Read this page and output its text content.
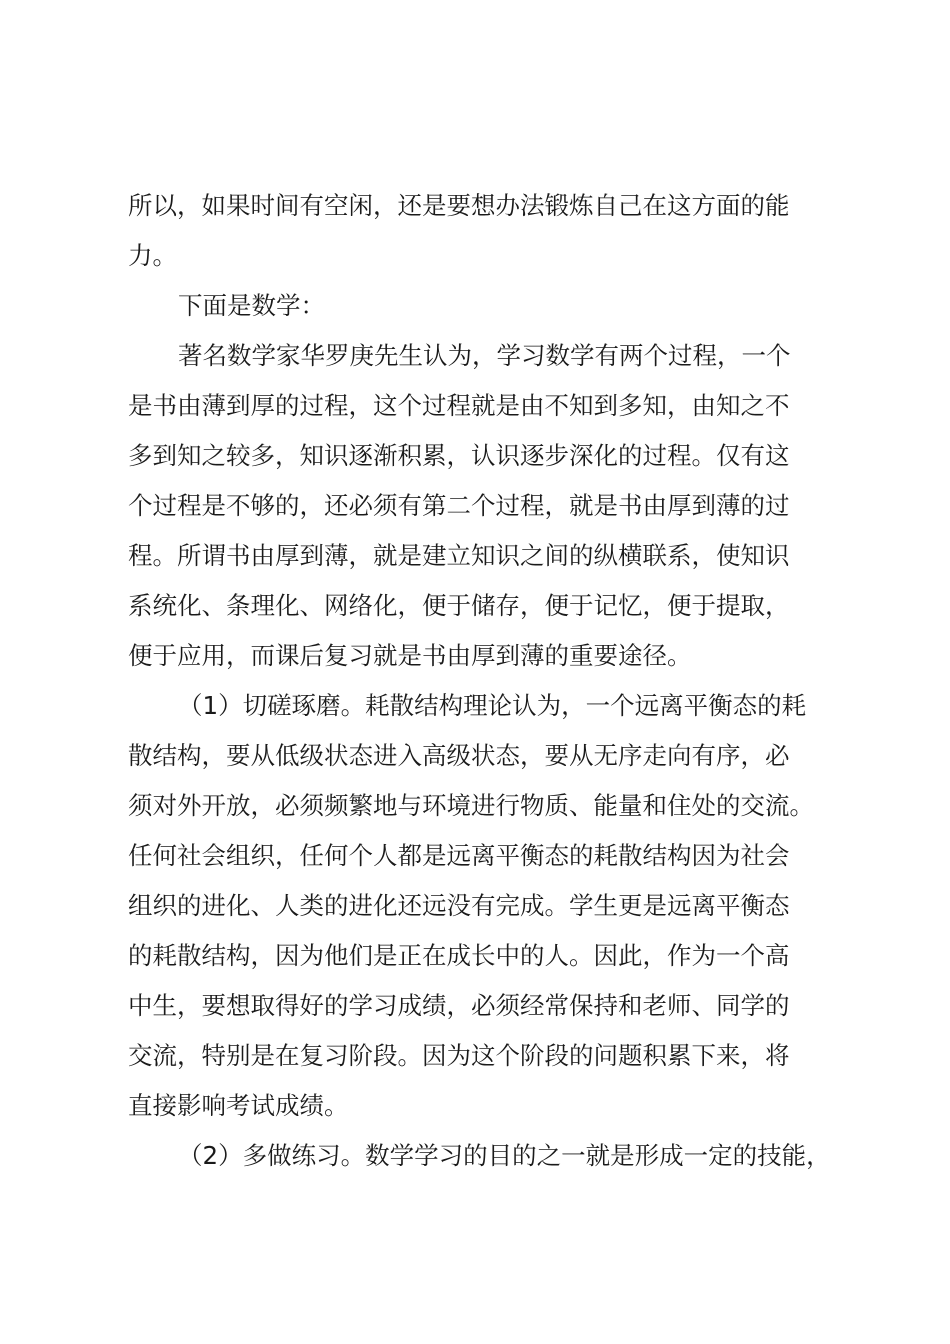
所以，如果时间有空闲，还是要想办法锻炼自己在这方面的能
力。
下面是数学：
著名数学家华罗庚先生认为，学习数学有两个过程，一个
是书由薄到厚的过程，这个过程就是由不知到多知，由知之不
多到知之较多，知识逐渐积累，认识逐步深化的过程。仅有这
个过程是不够的，还必须有第二个过程，就是书由厚到薄的过
程。所谓书由厚到薄，就是建立知识之间的纵横联系，使知识
系统化、条理化、网络化，便于储存，便于记忆，便于提取，
便于应用，而课后复习就是书由厚到薄的重要途径。
（1）切磋琢磨。耗散结构理论认为，一个远离平衡态的耗
散结构，要从低级状态进入高级状态，要从无序走向有序，必
须对外开放，必须频繁地与环境进行物质、能量和住处的交流。
任何社会组织，任何个人都是远离平衡态的耗散结构因为社会
组织的进化、人类的进化还远没有完成。学生更是远离平衡态
的耗散结构，因为他们是正在成长中的人。因此，作为一个高
中生，要想取得好的学习成绩，必须经常保持和老师、同学的
交流，特别是在复习阶段。因为这个阶段的问题积累下来，将
直接影响考试成绩。
（2）多做练习。数学学习的目的之一就是形成一定的技能，
